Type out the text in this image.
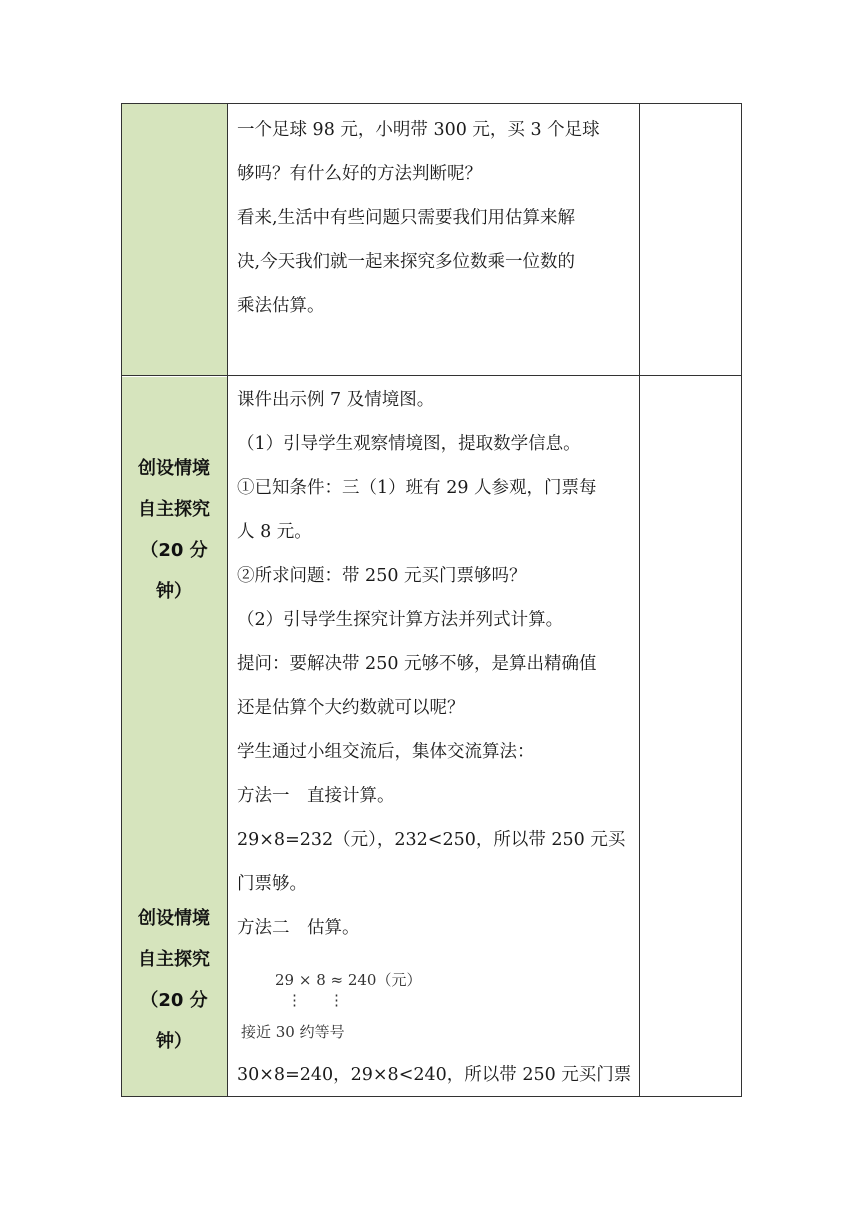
一个足球 98 元，小明带 300 元，买 3 个足球

够吗？有什么好的方法判断呢？

看来,生活中有些问题只需要我们用估算来解

决,今天我们就一起来探究多位数乘一位数的

乘法估算。

创设情境
自主探究
（20 分
钟）
创设情境
自主探究
（20 分
钟）

课件出示例 7 及情境图。

（1）引导学生观察情境图，提取数学信息。

①已知条件：三（1）班有 29 人参观，门票每

人 8 元。

②所求问题：带 250 元买门票够吗？

（2）引导学生探究计算方法并列式计算。

提问：要解决带 250 元够不够，是算出精确值

还是估算个大约数就可以呢？

学生通过小组交流后，集体交流算法：

方法一　直接计算。

29×8=232（元），232<250，所以带 250 元买

门票够。

方法二　估算。

29 × 8 ≈ 240（元）
⋮ ⋮
接近 30 约等号

30×8=240，29×8<240，所以带 250 元买门票
